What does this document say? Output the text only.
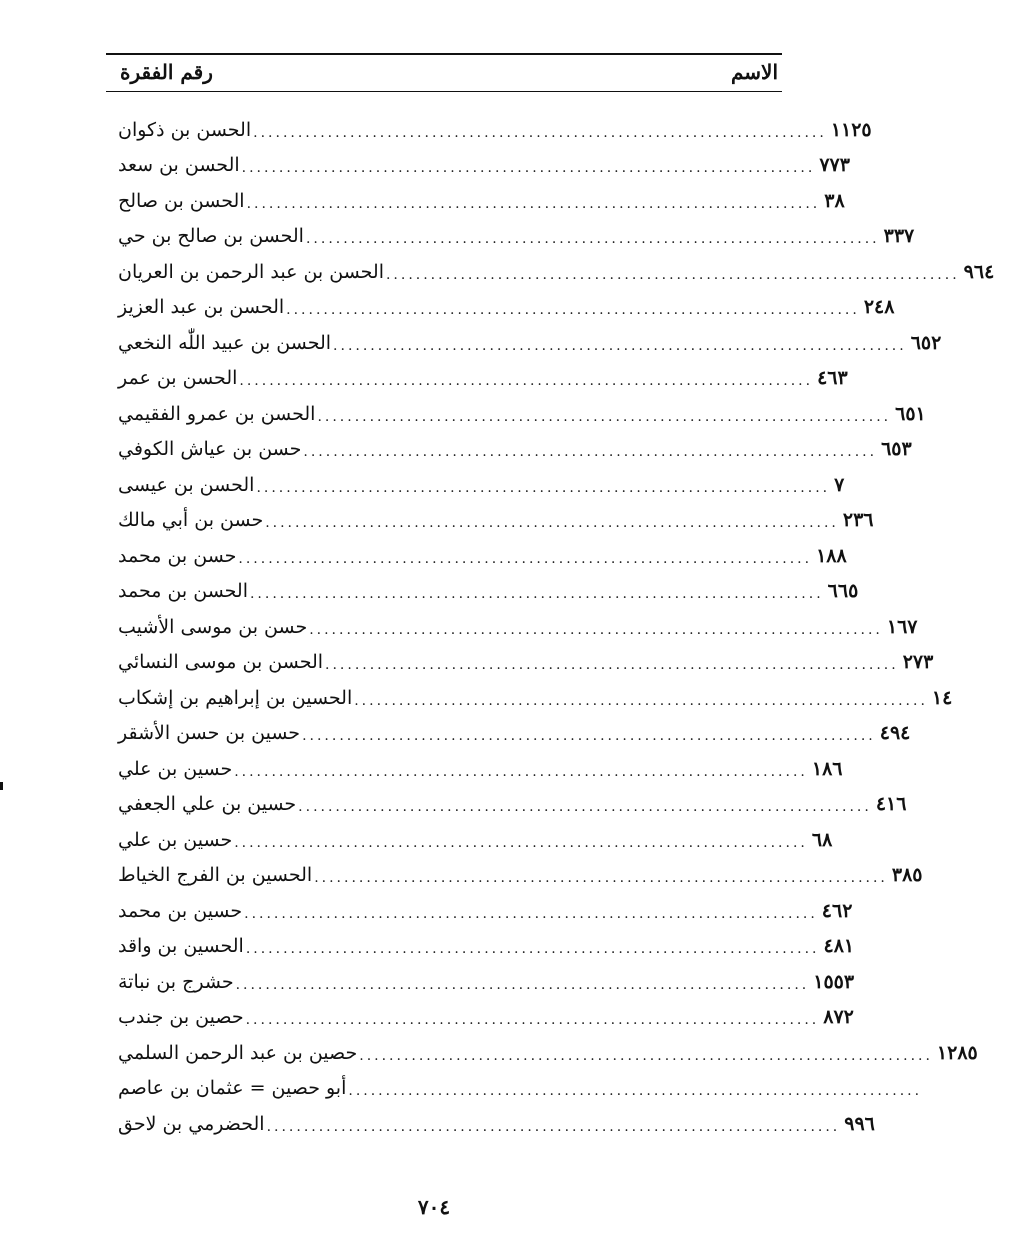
الاسم
رقم الفقرة
الحسن بن ذكوان ............................................................................. ١١٢٥
الحسن بن سعد ............................................................................. ٧٧٣
الحسن بن صالح ............................................................................. ٣٨
الحسن بن صالح بن حي ............................................................................. ٣٣٧
الحسن بن عبد الرحمن بن العريان ............................................................................. ٩٦٤
الحسن بن عبد العزيز ............................................................................. ٢٤٨
الحسن بن عبيد اللّٰه النخعي ............................................................................. ٦٥٢
الحسن بن عمر ............................................................................. ٤٦٣
الحسن بن عمرو الفقيمي ............................................................................. ٦٥١
حسن بن عياش الكوفي ............................................................................. ٦٥٣
الحسن بن عيسى ............................................................................. ٧
حسن بن أبي مالك ............................................................................. ٢٣٦
حسن بن محمد ............................................................................. ١٨٨
الحسن بن محمد ............................................................................. ٦٦٥
حسن بن موسى الأشيب ............................................................................. ١٦٧
الحسن بن موسى النسائي ............................................................................. ٢٧٣
الحسين بن إبراهيم بن إشكاب ............................................................................. ١٤
حسين بن حسن الأشقر ............................................................................. ٤٩٤
حسين بن علي ............................................................................. ١٨٦
حسين بن علي الجعفي ............................................................................. ٤١٦
حسين بن علي ............................................................................. ٦٨
الحسين بن الفرج الخياط ............................................................................. ٣٨٥
حسين بن محمد ............................................................................. ٤٦٢
الحسين بن واقد ............................................................................. ٤٨١
حشرج بن نباتة ............................................................................. ١٥٥٣
حصين بن جندب ............................................................................. ٨٧٢
حصين بن عبد الرحمن السلمي ............................................................................. ١٢٨٥
أبو حصين = عثمان بن عاصم .............................................................................
الحضرمي بن لاحق ............................................................................. ٩٩٦
٧٠٤
